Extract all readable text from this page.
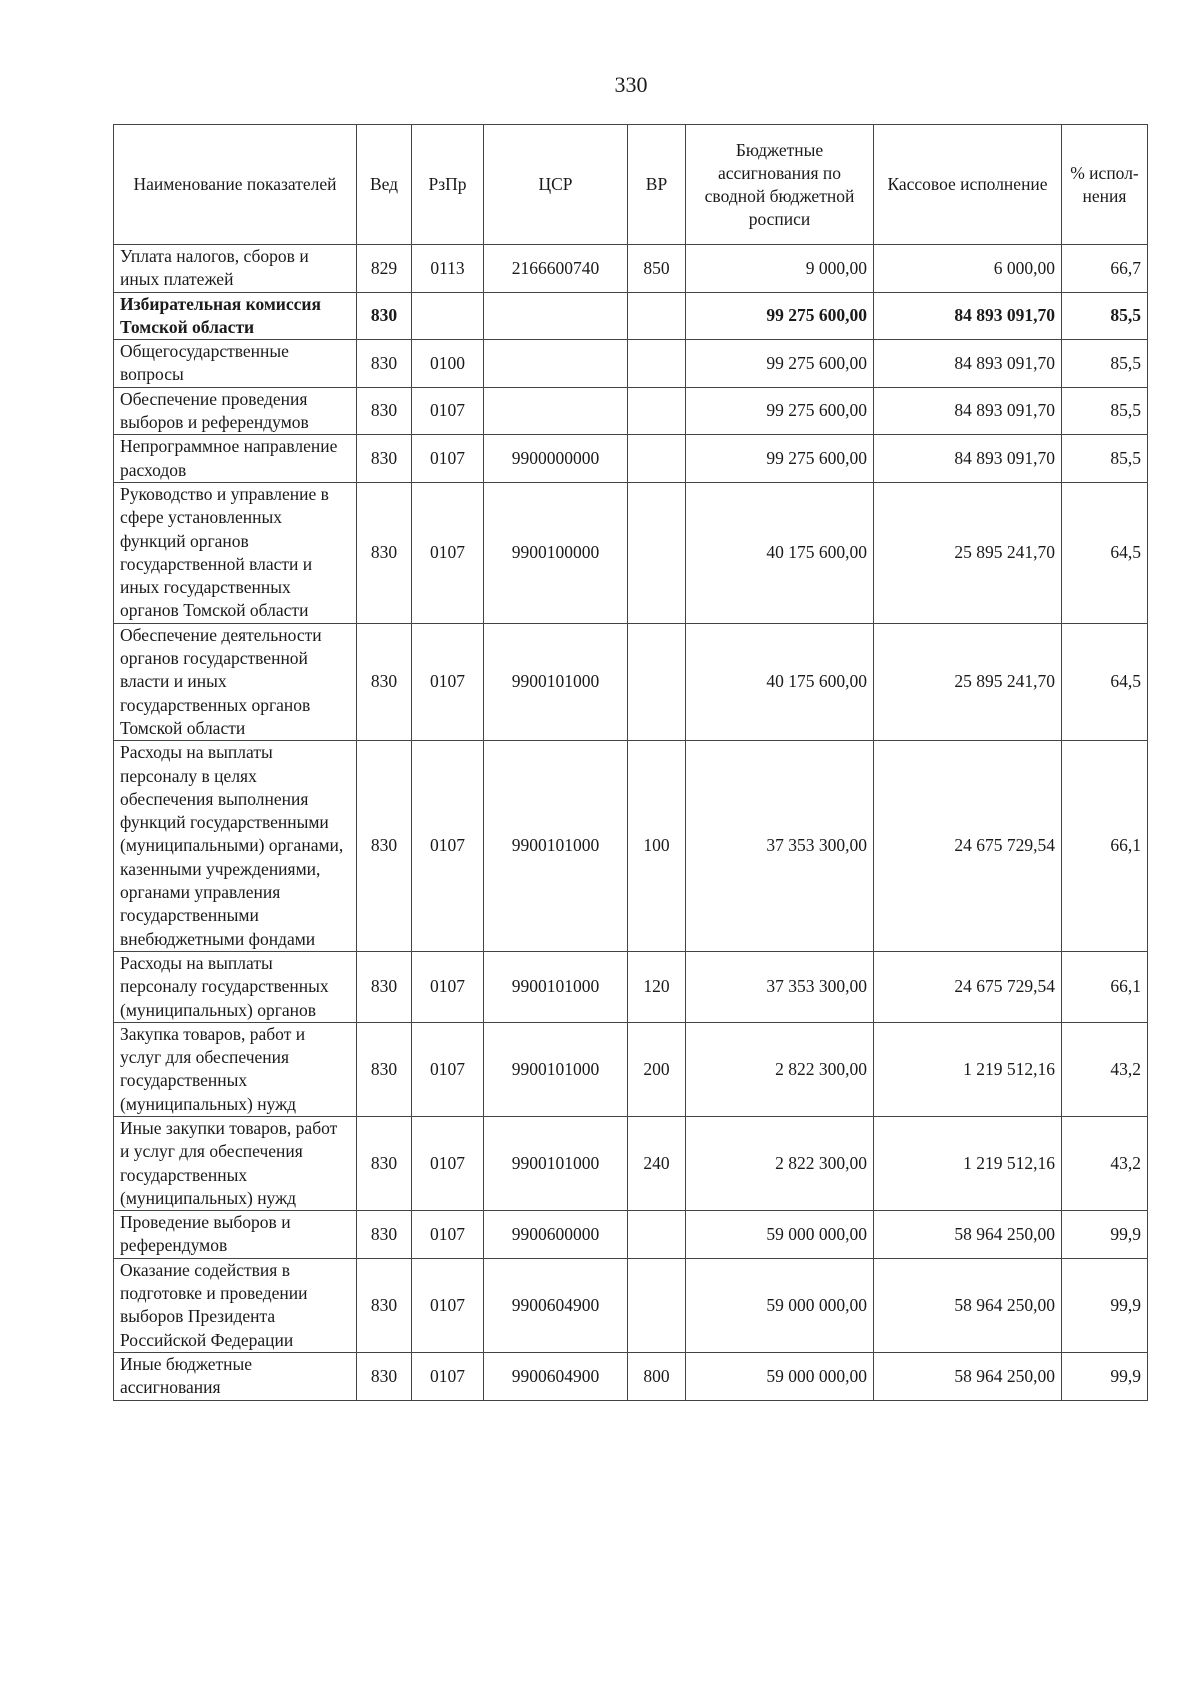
330
Наименование показателей	Вед	РзПр	ЦСР	ВР	Бюджетные ассигнования по сводной бюджетной росписи	Кассовое исполнение	% испол-нения
Уплата налогов, сборов и иных платежей	829	0113	2166600740	850	9 000,00	6 000,00	66,7
Избирательная комиссия Томской области	830				99 275 600,00	84 893 091,70	85,5
Общегосударственные вопросы	830	0100			99 275 600,00	84 893 091,70	85,5
Обеспечение проведения выборов и референдумов	830	0107			99 275 600,00	84 893 091,70	85,5
Непрограммное направление расходов	830	0107	9900000000		99 275 600,00	84 893 091,70	85,5
Руководство и управление в сфере установленных функций органов государственной власти и иных государственных органов Томской области	830	0107	9900100000		40 175 600,00	25 895 241,70	64,5
Обеспечение деятельности органов государственной власти и иных государственных органов Томской области	830	0107	9900101000		40 175 600,00	25 895 241,70	64,5
Расходы на выплаты персоналу в целях обеспечения выполнения функций государственными (муниципальными) органами, казенными учреждениями, органами управления государственными внебюджетными фондами	830	0107	9900101000	100	37 353 300,00	24 675 729,54	66,1
Расходы на выплаты персоналу государственных (муниципальных) органов	830	0107	9900101000	120	37 353 300,00	24 675 729,54	66,1
Закупка товаров, работ и услуг для обеспечения государственных (муниципальных) нужд	830	0107	9900101000	200	2 822 300,00	1 219 512,16	43,2
Иные закупки товаров, работ и услуг для обеспечения государственных (муниципальных) нужд	830	0107	9900101000	240	2 822 300,00	1 219 512,16	43,2
Проведение выборов и референдумов	830	0107	9900600000		59 000 000,00	58 964 250,00	99,9
Оказание содействия в подготовке и проведении выборов Президента Российской Федерации	830	0107	9900604900		59 000 000,00	58 964 250,00	99,9
Иные бюджетные ассигнования	830	0107	9900604900	800	59 000 000,00	58 964 250,00	99,9
